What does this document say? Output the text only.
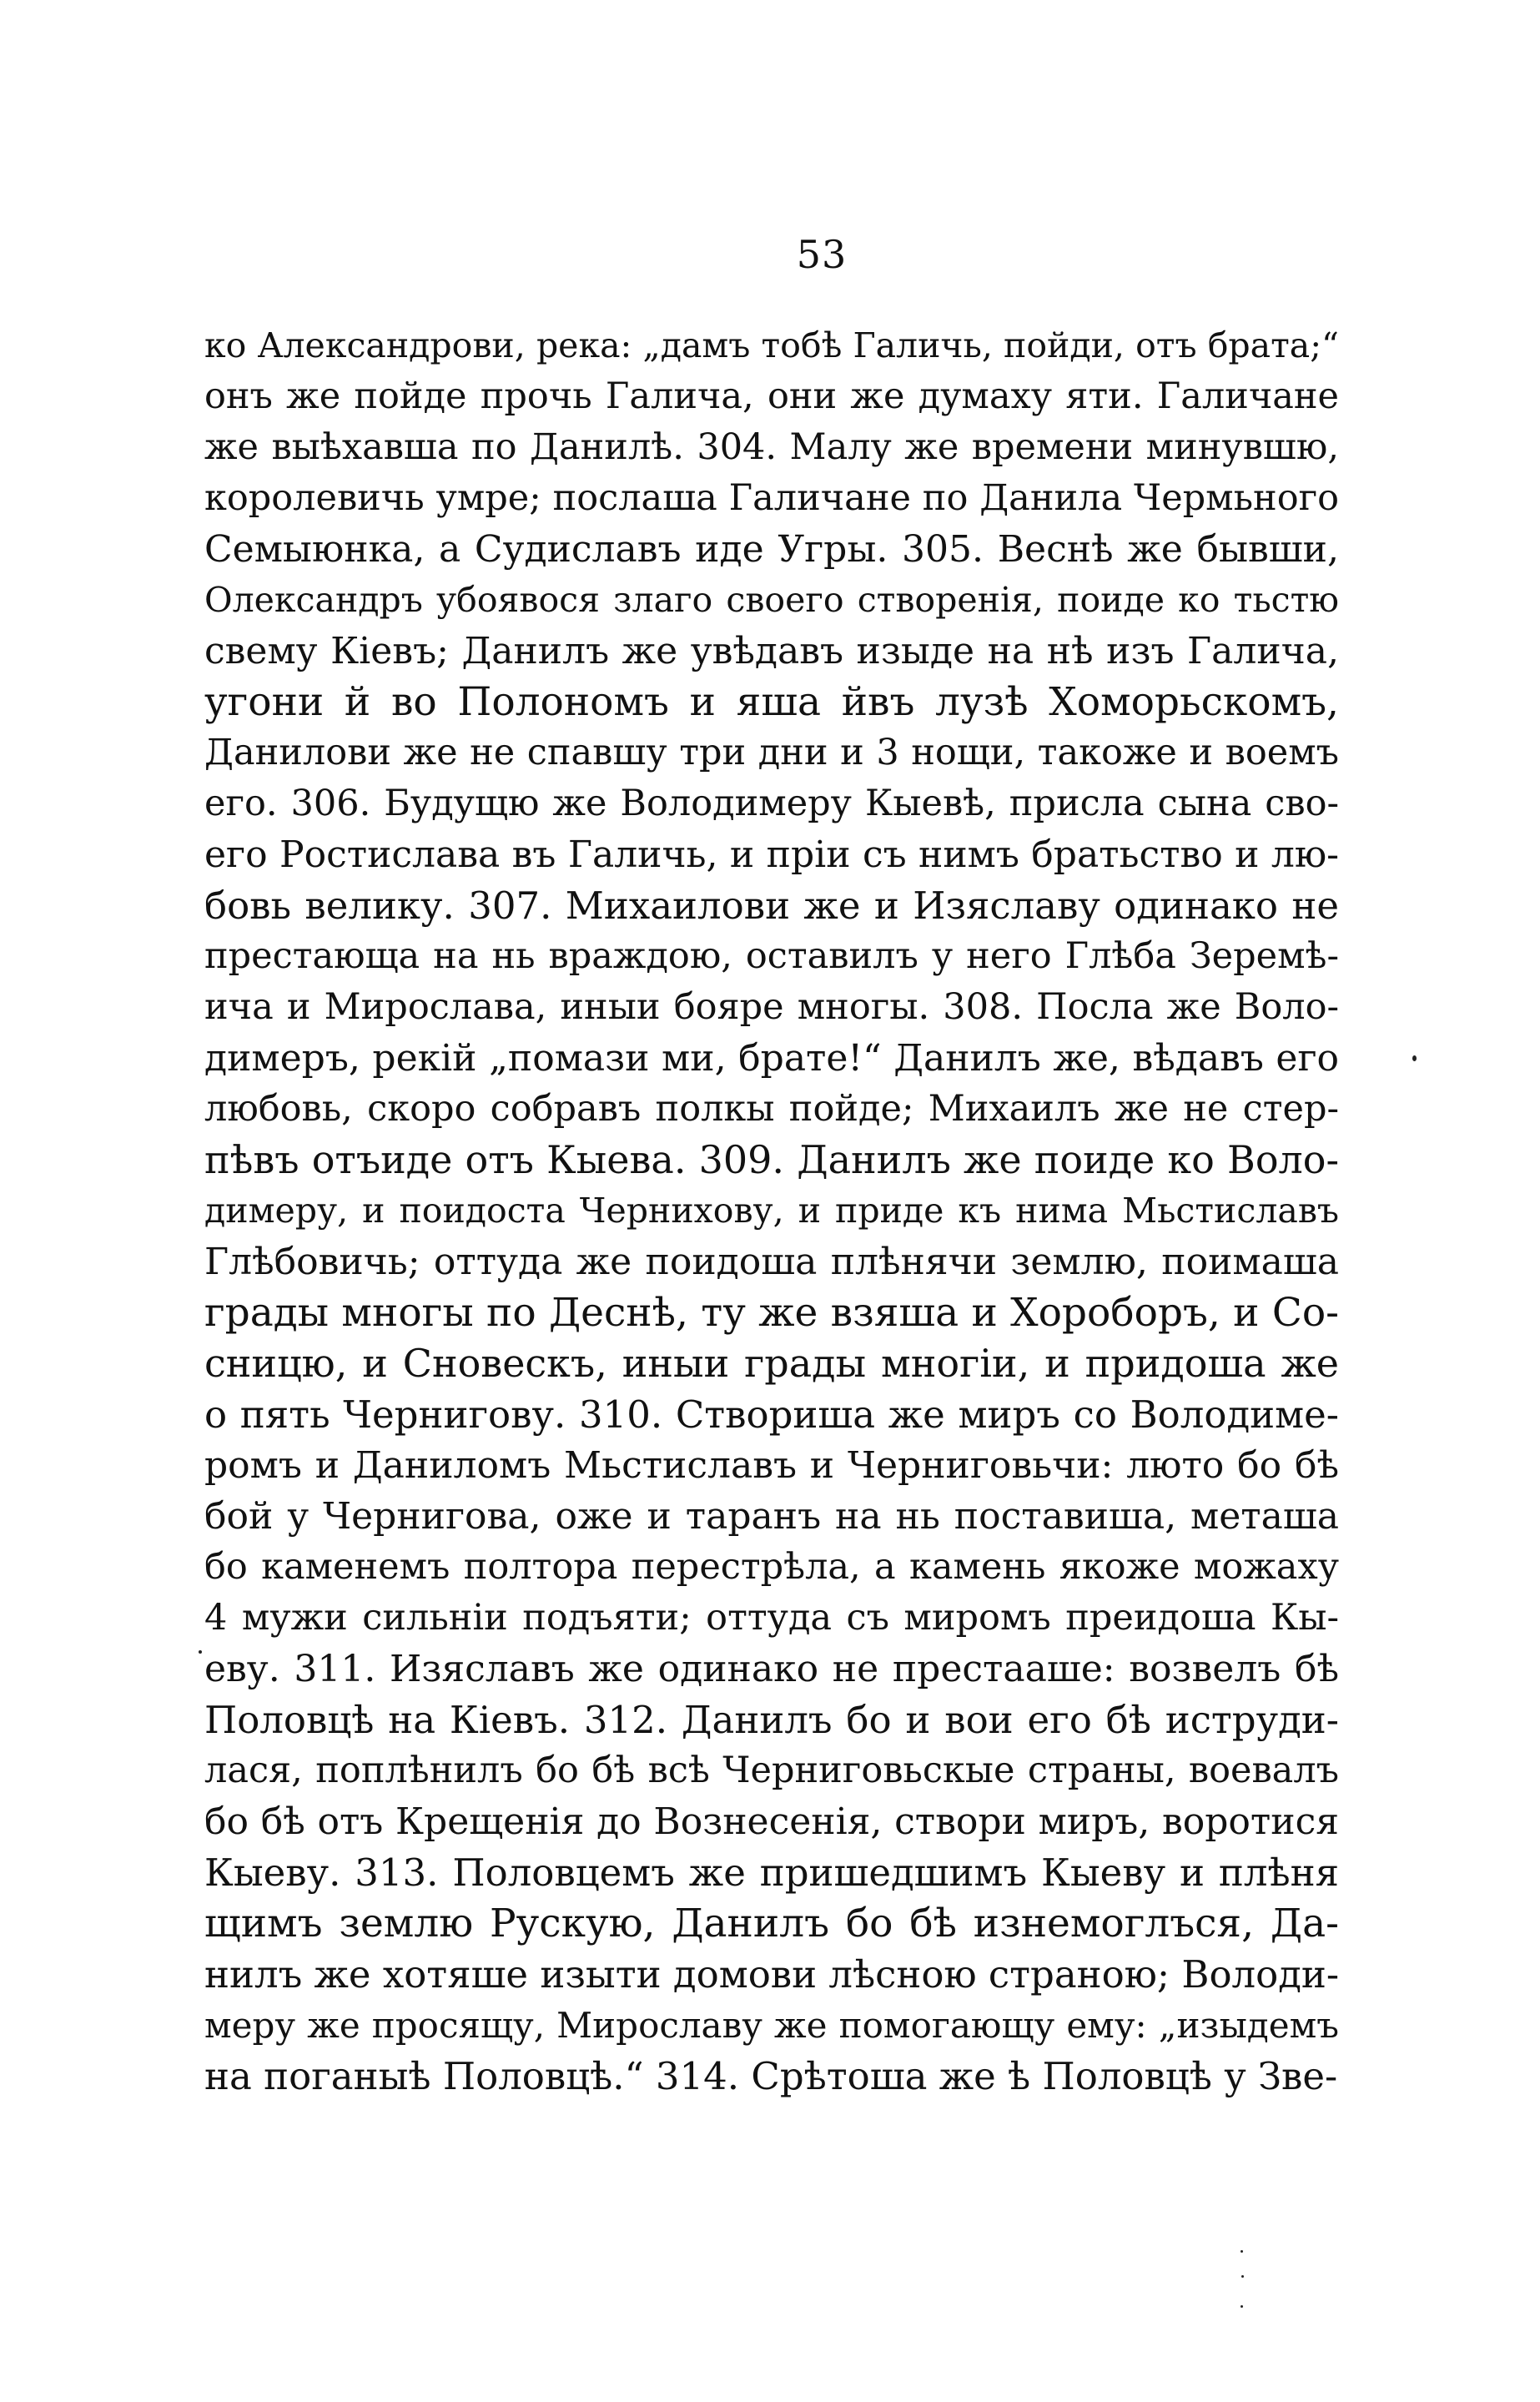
53
ко Александрови, река: „дамъ тобѣ Галичь, пойди, отъ брата;“
онъ же пойде прочь Галича, они же думаху яти. Галичане
же выѣхавша по Данилѣ. 304. Малу же времени минувшю,
королевичь умре; послаша Галичане по Данила Чермьного
Семыюнка, а Судиславъ иде Угры. 305. Веснѣ же бывши,
Олександръ убоявося злаго своего створенія, поиде ко тьстю
свему Кіевъ; Данилъ же увѣдавъ изыде на нѣ изъ Галича,
угони й во Полономъ и яша йвъ лузѣ Хоморьскомъ,
Данилови же не спавшу три дни и 3 нощи, такоже и воемъ
его. 306. Будущю же Володимеру Кыевѣ, присла сына сво-
его Ростислава въ Галичь, и пріи съ нимъ братьство и лю-
бовь велику. 307. Михаилови же и Изяславу одинако не
престающа на нь враждою, оставилъ у него Глѣба Зеремѣ-
ича и Мирослава, иныи бояре многы. 308. Посла же Воло-
димеръ, рекій „помази ми, брате!“ Данилъ же, вѣдавъ его
любовь, скоро собравъ полкы пойде; Михаилъ же не стер-
пѣвъ отъиде отъ Кыева. 309. Данилъ же поиде ко Воло-
димеру, и поидоста Чернихову, и приде къ нима Мьстиславъ
Глѣбовичь; оттуда же поидоша плѣнячи землю, поимаша
грады многы по Деснѣ, ту же взяша и Хороборъ, и Со-
сницю, и Сновескъ, иныи грады многіи, и придоша же
о пять Чернигову. 310. Створиша же миръ со Володиме-
ромъ и Даниломъ Мьстиславъ и Черниговьчи: люто бо бѣ
бой у Чернигова, оже и таранъ на нь поставиша, меташа
бо каменемъ полтора перестрѣла, а камень якоже можаху
4 мужи сильніи подъяти; оттуда съ миромъ преидоша Кы-
еву. 311. Изяславъ же одинако не престааше: возвелъ бѣ
Половцѣ на Кіевъ. 312. Данилъ бо и вои его бѣ иструди-
лася, поплѣнилъ бо бѣ всѣ Черниговьскые страны, воевалъ
бо бѣ отъ Крещенія до Вознесенія, створи миръ, воротися
Кыеву. 313. Половцемъ же пришедшимъ Кыеву и плѣня
щимъ землю Рускую, Данилъ бо бѣ изнемоглъся, Да-
нилъ же хотяше изыти домови лѣсною страною; Володи-
меру же просящу, Мирославу же помогающу ему: „изыдемъ
на поганыѣ Половцѣ.“ 314. Срѣтоша же ѣ Половцѣ у Зве-
